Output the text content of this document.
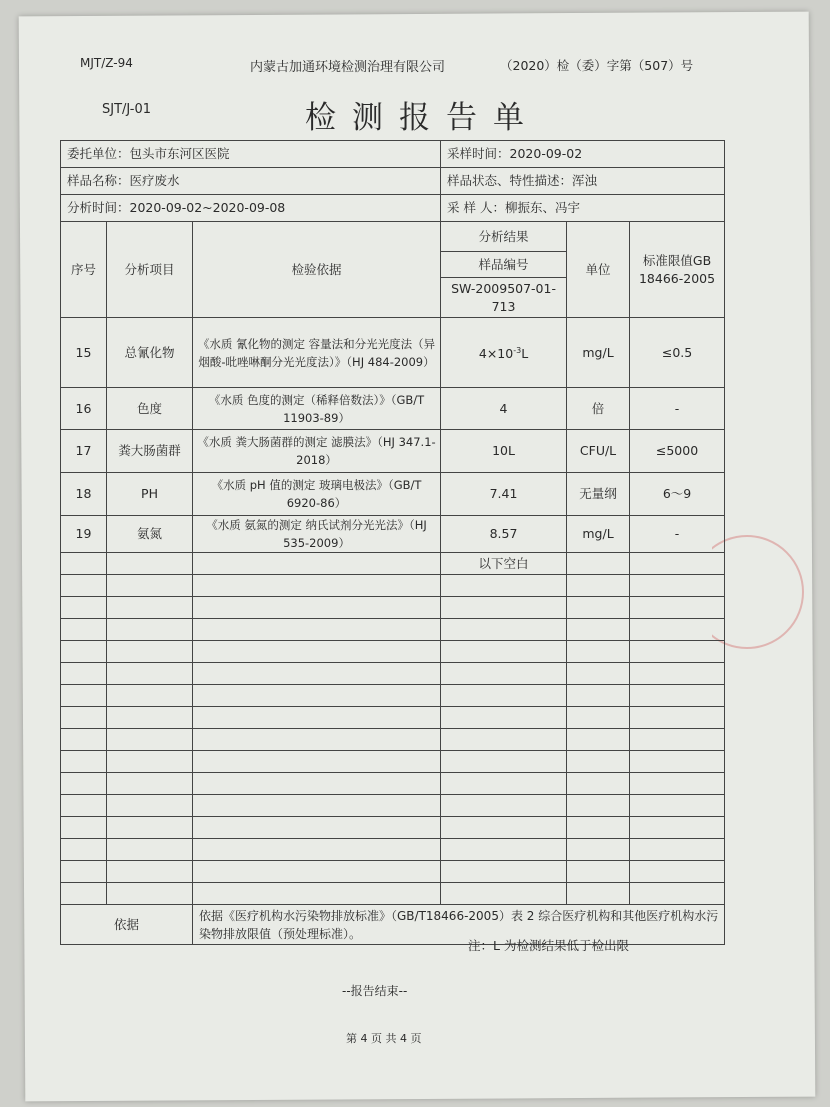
MJT/Z-94	内蒙古加通环境检测治理有限公司	（2020）检（委）字第（507）号
SJT/J-01	检测报告单
委托单位：包头市东河区医院			采样时间：2020-09-02		
样品名称：医疗废水			样品状态、特性描述：浑浊		
分析时间：2020-09-02~2020-09-08			采 样 人：柳振东、冯宇		
序号	分析项目	检验依据	分析结果	单位	标准限值GB 18466-2005
			样品编号		
			SW-2009507-01-713		
15	总氰化物	《水质 氰化物的测定 容量法和分光光度法（异烟酸-吡唑啉酮分光光度法）》（HJ 484-2009）	$4\times 10^{-3}L$	mg/L	≤0.5
16	色度	《水质 色度的测定（稀释倍数法）》（GB/T 11903-89）	4	倍	-
17	粪大肠菌群	《水质 粪大肠菌群的测定 滤膜法》（HJ 347.1-2018）	10L	CFU/L	≤5000
18	PH	《水质 pH 值的测定 玻璃电极法》（GB/T 6920-86）	7.41	无量纲	6～9
19	氨氮	《水质 氨氮的测定 纳氏试剂分光光法》（HJ 535-2009）	8.57	mg/L	-
			以下空白		

依据		依据《医疗机构水污染物排放标准》（GB/T18466-2005）表 2 综合医疗机构和其他医疗机构水污染物排放限值（预处理标准）。			
注：L 为检测结果低于检出限
--报告结束--
第 4 页 共 4 页
